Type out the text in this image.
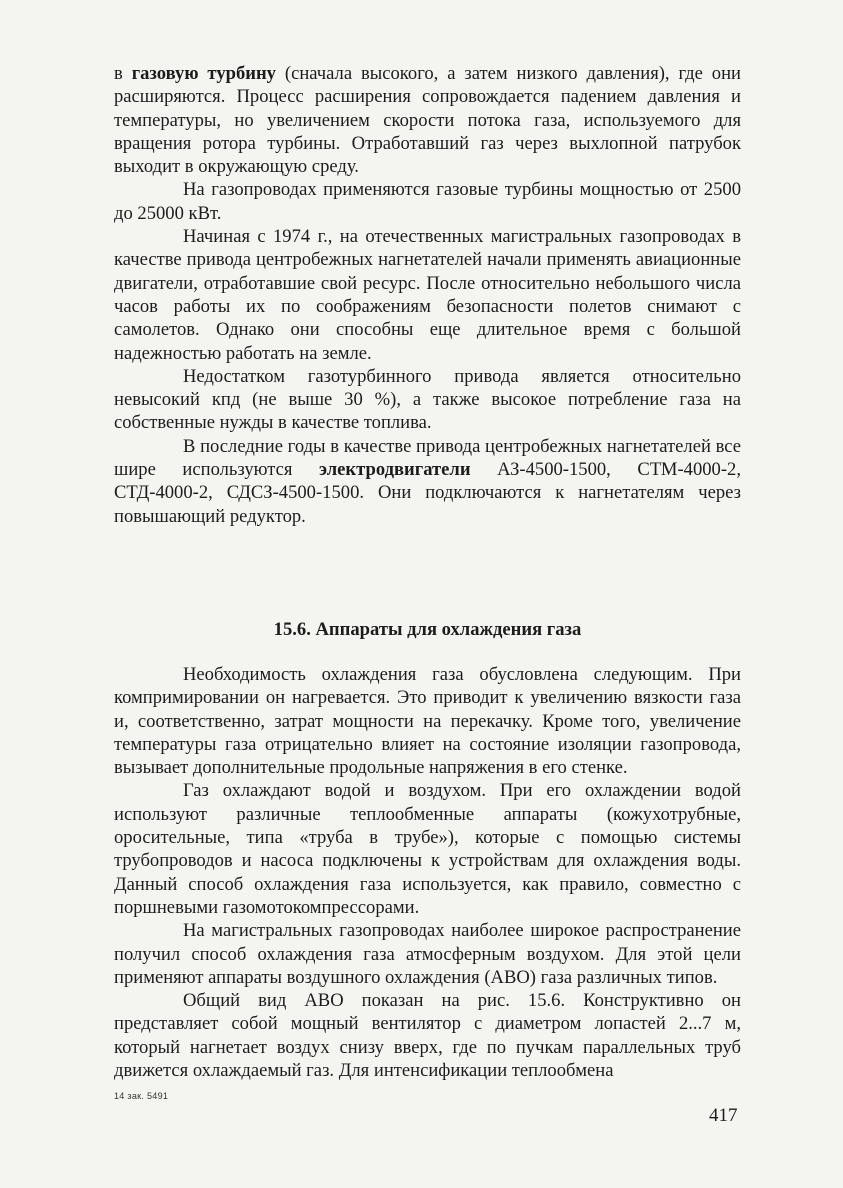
в газовую турбину (сначала высокого, а затем низкого давления), где они расширяются. Процесс расширения сопровождается падением давления и температуры, но увеличением скорости потока газа, используемого для вращения ротора турбины. Отработавший газ через выхлопной патрубок выходит в окружающую среду.

На газопроводах применяются газовые турбины мощностью от 2500 до 25000 кВт.

Начиная с 1974 г., на отечественных магистральных газопроводах в качестве привода центробежных нагнетателей начали применять авиационные двигатели, отработавшие свой ресурс. После относительно небольшого числа часов работы их по соображениям безопасности полетов снимают с самолетов. Однако они способны еще длительное время с большой надежностью работать на земле.

Недостатком газотурбинного привода является относительно невысокий кпд (не выше 30 %), а также высокое потребление газа на собственные нужды в качестве топлива.

В последние годы в качестве привода центробежных нагнетателей все шире используются электродвигатели АЗ-4500-1500, СТМ-4000-2, СТД-4000-2, СДСЗ-4500-1500. Они подключаются к нагнетателям через повышающий редуктор.

15.6. Аппараты для охлаждения газа

Необходимость охлаждения газа обусловлена следующим. При компримировании он нагревается. Это приводит к увеличению вязкости газа и, соответственно, затрат мощности на перекачку. Кроме того, увеличение температуры газа отрицательно влияет на состояние изоляции газопровода, вызывает дополнительные продольные напряжения в его стенке.

Газ охлаждают водой и воздухом. При его охлаждении водой используют различные теплообменные аппараты (кожухотрубные, оросительные, типа «труба в трубе»), которые с помощью системы трубопроводов и насоса подключены к устройствам для охлаждения воды. Данный способ охлаждения газа используется, как правило, совместно с поршневыми газомотокомпрессорами.

На магистральных газопроводах наиболее широкое распространение получил способ охлаждения газа атмосферным воздухом. Для этой цели применяют аппараты воздушного охлаждения (АВО) газа различных типов.

Общий вид АВО показан на рис. 15.6. Конструктивно он представляет собой мощный вентилятор с диаметром лопастей 2...7 м, который нагнетает воздух снизу вверх, где по пучкам параллельных труб движется охлаждаемый газ. Для интенсификации теплообмена

14 зак. 5491
417
